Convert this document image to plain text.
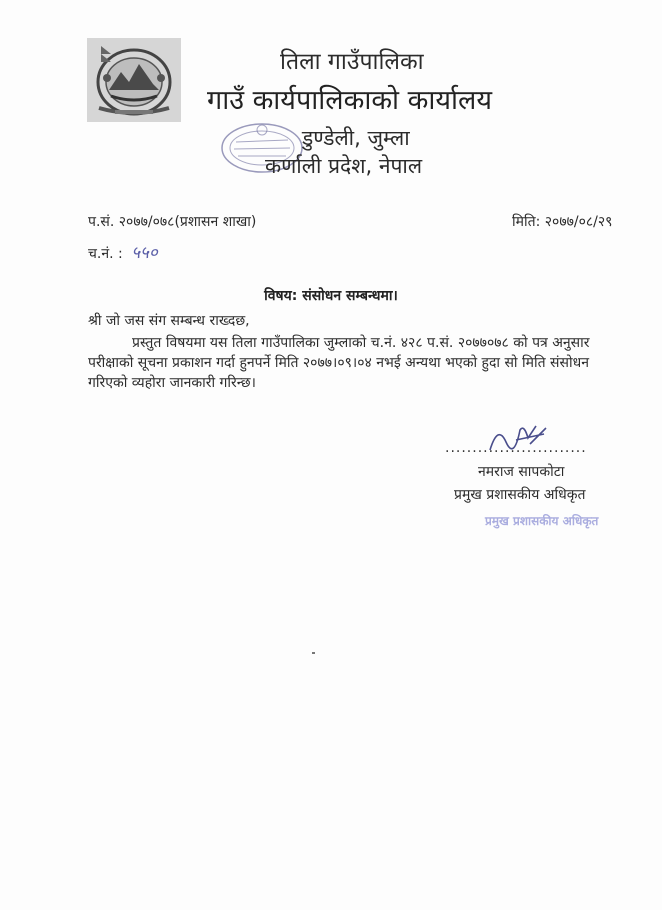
तिला गाउँपालिका
गाउँ कार्यपालिकाको कार्यालय
डुण्डेली, जुम्ला
कर्णाली प्रदेश, नेपाल
प.सं. २०७७/०७८(प्रशासन शाखा)	मिति: २०७७/०८/२९
च.नं. : ५५०
विषय: संसोधन सम्बन्धमा।
श्री जो जस संग सम्बन्ध राख्दछ,
प्रस्तुत विषयमा यस तिला गाउँपालिका जुम्लाको च.नं. ४२८ प.सं. २०७७०७८ को पत्र अनुसार
परीक्षाको सूचना प्रकाशन गर्दा हुनपर्ने मिति २०७७।०९।०४ नभई अन्यथा भएको हुदा सो मिति संसोधन
गरिएको व्यहोरा जानकारी गरिन्छ।
..........................
नमराज सापकोटा
प्रमुख प्रशासकीय अधिकृत
प्रमुख प्रशासकीय अधिकृत
